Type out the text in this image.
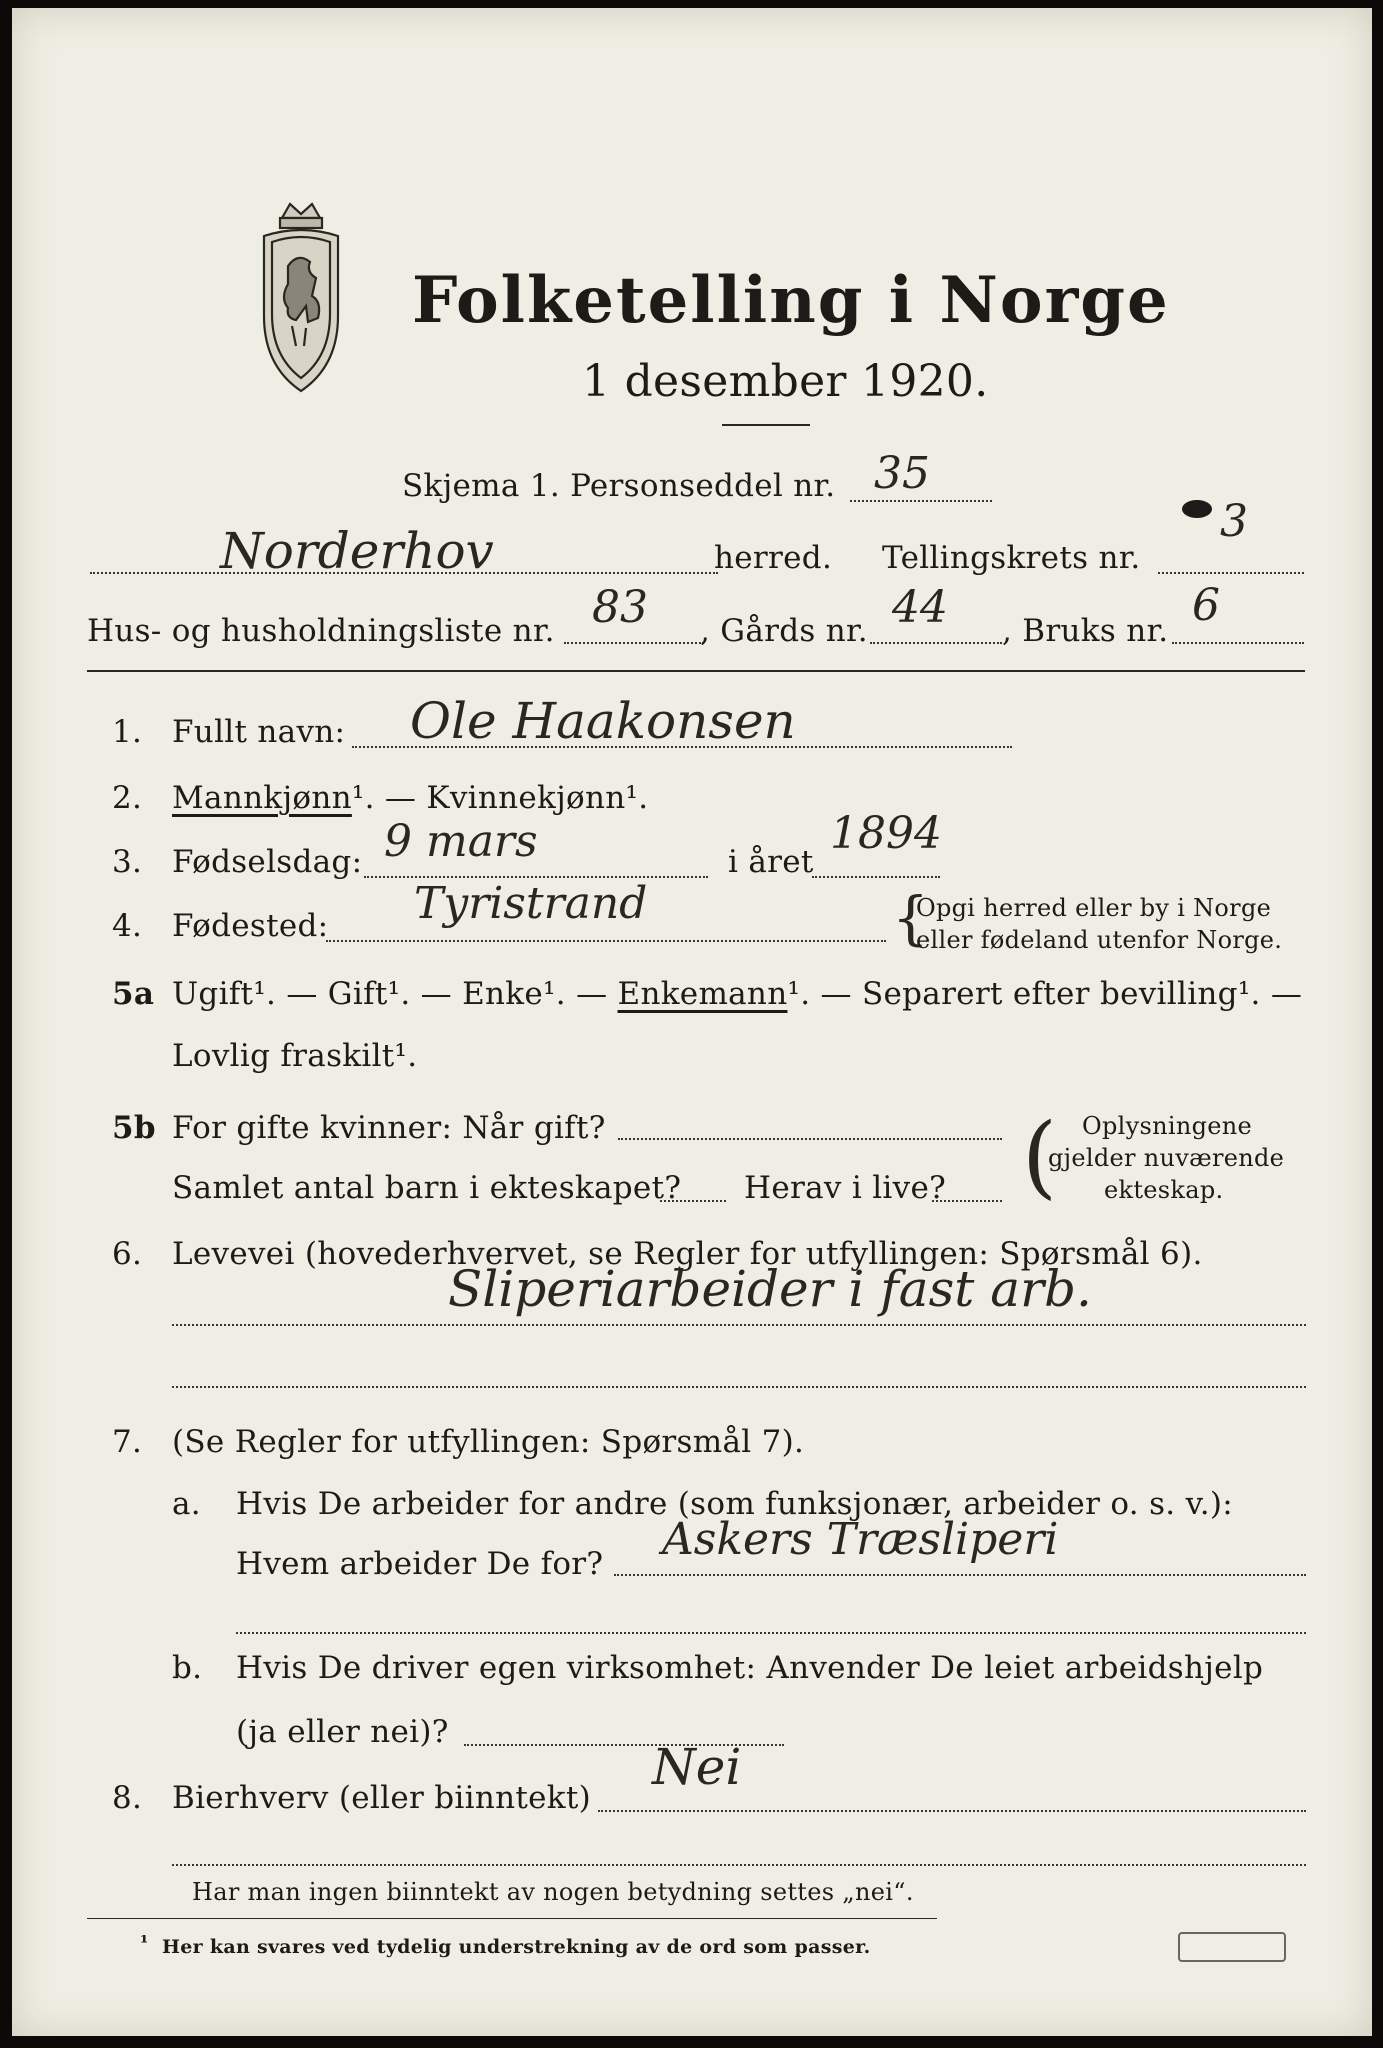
Folketelling i Norge
1 desember 1920.
Skjema 1. Personseddel nr. 35
Norderhov	herred. Tellingskrets nr.
3
Hus- og husholdningsliste nr. 83 , Gårds nr. 44 , Bruks nr. 6
1. Fullt navn: Ole Haakonsen
2. Mannkjønn¹. — Kvinnekjønn¹.
3. Fødselsdag: 9 mars	i året
1894
4. Fødested: Tyristrand	{
Opgi herred eller by i Norge
eller fødeland utenfor Norge.
5a Ugift¹. — Gift¹. — Enke¹. — Enkemann¹. — Separert efter bevilling¹. —
Lovlig fraskilt¹.
5b For gifte kvinner: Når gift?
Samlet antal barn i ekteskapet? Herav i live? ( Oplysningene
gjelder nuværende
ekteskap.
6. Levevei (hovederhvervet, se Regler for utfyllingen: Spørsmål 6).
Sliperiarbeider i fast arb.
7. (Se Regler for utfyllingen: Spørsmål 7).
a. Hvis De arbeider for andre (som funksjonær, arbeider o. s. v.):
Hvem arbeider De for? Askers Træsliperi
b. Hvis De driver egen virksomhet: Anvender De leiet arbeidshjelp
(ja eller nei)?
8. Bierhverv (eller biinntekt)
Nei
Har man ingen biinntekt av nogen betydning settes „nei“.
¹ Her kan svares ved tydelig understrekning av de ord som passer.
